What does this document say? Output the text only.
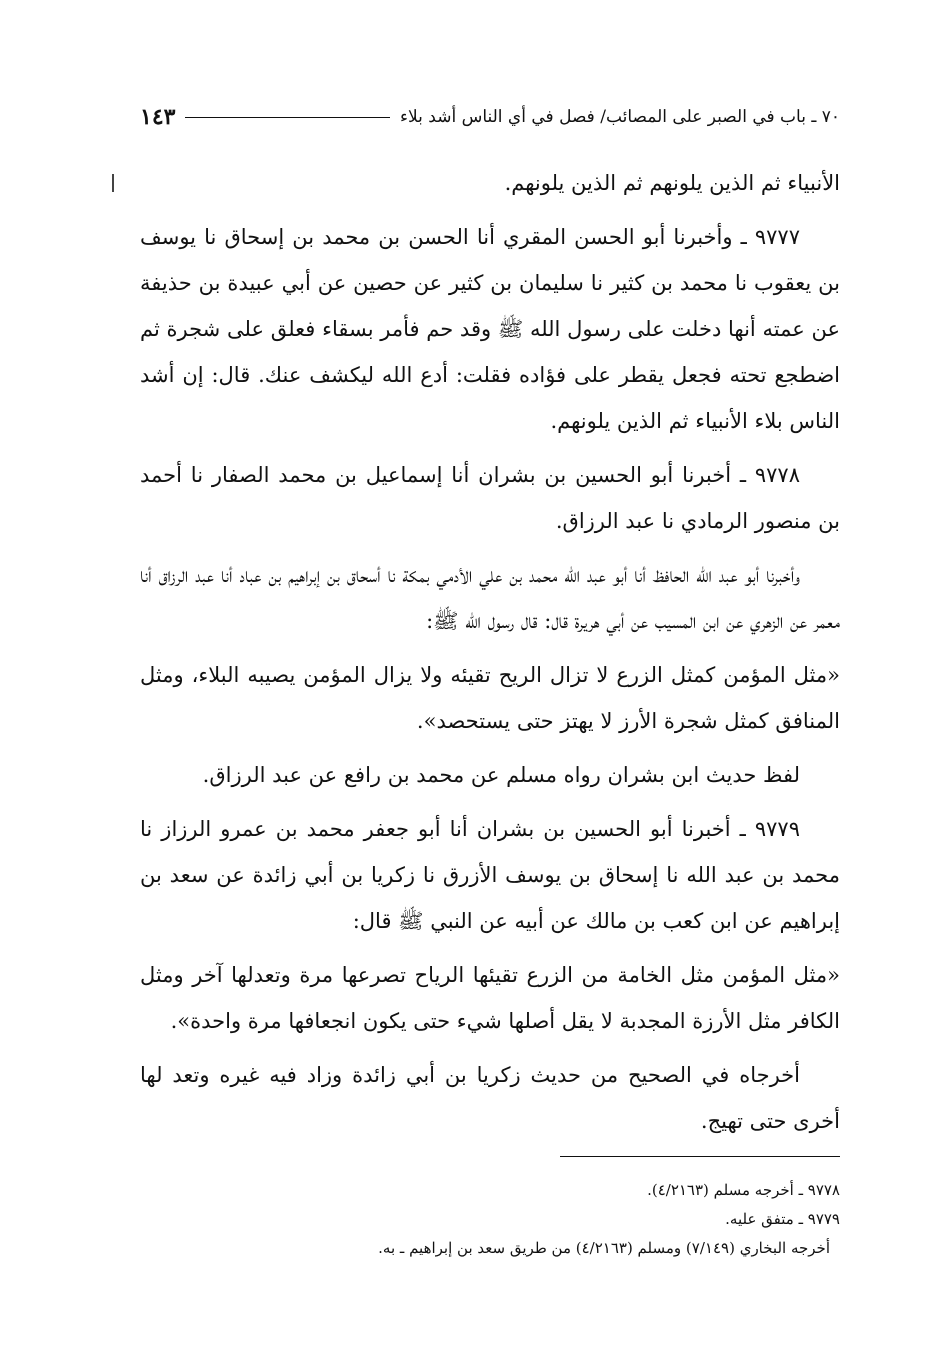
٧٠ ـ باب في الصبر على المصائب/ فصل في أي الناس أشد بلاء
١٤٣

الأنبياء ثم الذين يلونهم ثم الذين يلونهم.

٩٧٧٧ ـ وأخبرنا أبو الحسن المقري أنا الحسن بن محمد بن إسحاق نا يوسف بن يعقوب نا محمد بن كثير نا سليمان بن كثير عن حصين عن أبي عبيدة بن حذيفة عن عمته أنها دخلت على رسول الله ﷺ وقد حم فأمر بسقاء فعلق على شجرة ثم اضطجع تحته فجعل يقطر على فؤاده فقلت: أدع الله ليكشف عنك. قال: إن أشد الناس بلاء الأنبياء ثم الذين يلونهم.

٩٧٧٨ ـ أخبرنا أبو الحسين بن بشران أنا إسماعيل بن محمد الصفار نا أحمد بن منصور الرمادي نا عبد الرزاق.

وأخبرنا أبو عبد الله الحافظ أنا أبو عبد الله محمد بن علي الأدمي بمكة نا أسحاق بن إبراهيم بن عباد أنا عبد الرزاق أنا معمر عن الزهري عن ابن المسيب عن أبي هريرة قال: قال رسول الله ﷺ:

«مثل المؤمن كمثل الزرع لا تزال الريح تقيئه ولا يزال المؤمن يصيبه البلاء، ومثل المنافق كمثل شجرة الأرز لا يهتز حتى يستحصد».

لفظ حديث ابن بشران رواه مسلم عن محمد بن رافع عن عبد الرزاق.

٩٧٧٩ ـ أخبرنا أبو الحسين بن بشران أنا أبو جعفر محمد بن عمرو الرزاز نا محمد بن عبد الله نا إسحاق بن يوسف الأزرق نا زكريا بن أبي زائدة عن سعد بن إبراهيم عن ابن كعب بن مالك عن أبيه عن النبي ﷺ قال:

«مثل المؤمن مثل الخامة من الزرع تقيئها الرياح تصرعها مرة وتعدلها آخر ومثل الكافر مثل الأرزة المجدبة لا يقل أصلها شيء حتى يكون انجعافها مرة واحدة».

أخرجاه في الصحيح من حديث زكريا بن أبي زائدة وزاد فيه غيره وتعد لها أخرى حتى تهيج.

٩٧٧٨ ـ أخرجه مسلم (٤/٢١٦٣).

٩٧٧٩ ـ متفق عليه.

أخرجه البخاري (٧/١٤٩) ومسلم (٤/٢١٦٣) من طريق سعد بن إبراهيم ـ به.
